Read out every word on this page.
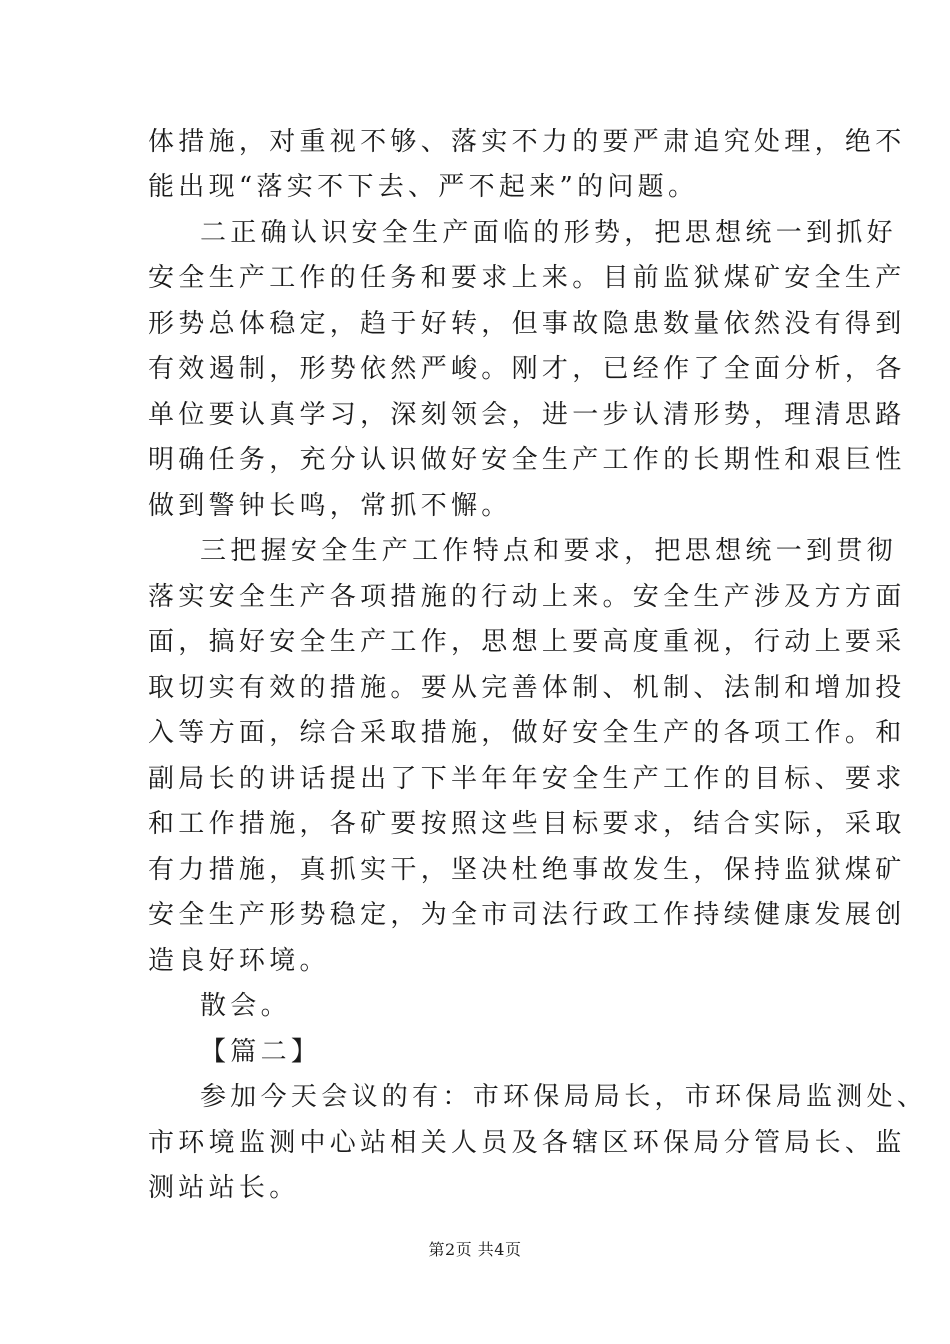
体措施，对重视不够、落实不力的要严肃追究处理，绝不
能出现“落实不下去、严不起来”的问题。
二正确认识安全生产面临的形势，把思想统一到抓好
安全生产工作的任务和要求上来。目前监狱煤矿安全生产
形势总体稳定，趋于好转，但事故隐患数量依然没有得到
有效遏制，形势依然严峻。刚才，已经作了全面分析，各
单位要认真学习，深刻领会，进一步认清形势，理清思路
明确任务，充分认识做好安全生产工作的长期性和艰巨性
做到警钟长鸣，常抓不懈。
三把握安全生产工作特点和要求，把思想统一到贯彻
落实安全生产各项措施的行动上来。安全生产涉及方方面
面，搞好安全生产工作，思想上要高度重视，行动上要采
取切实有效的措施。要从完善体制、机制、法制和增加投
入等方面，综合采取措施，做好安全生产的各项工作。和
副局长的讲话提出了下半年年安全生产工作的目标、要求
和工作措施，各矿要按照这些目标要求，结合实际，采取
有力措施，真抓实干，坚决杜绝事故发生，保持监狱煤矿
安全生产形势稳定，为全市司法行政工作持续健康发展创
造良好环境。
散会。
【篇二】
参加今天会议的有：市环保局局长，市环保局监测处、
市环境监测中心站相关人员及各辖区环保局分管局长、监
测站站长。
第2页 共4页
